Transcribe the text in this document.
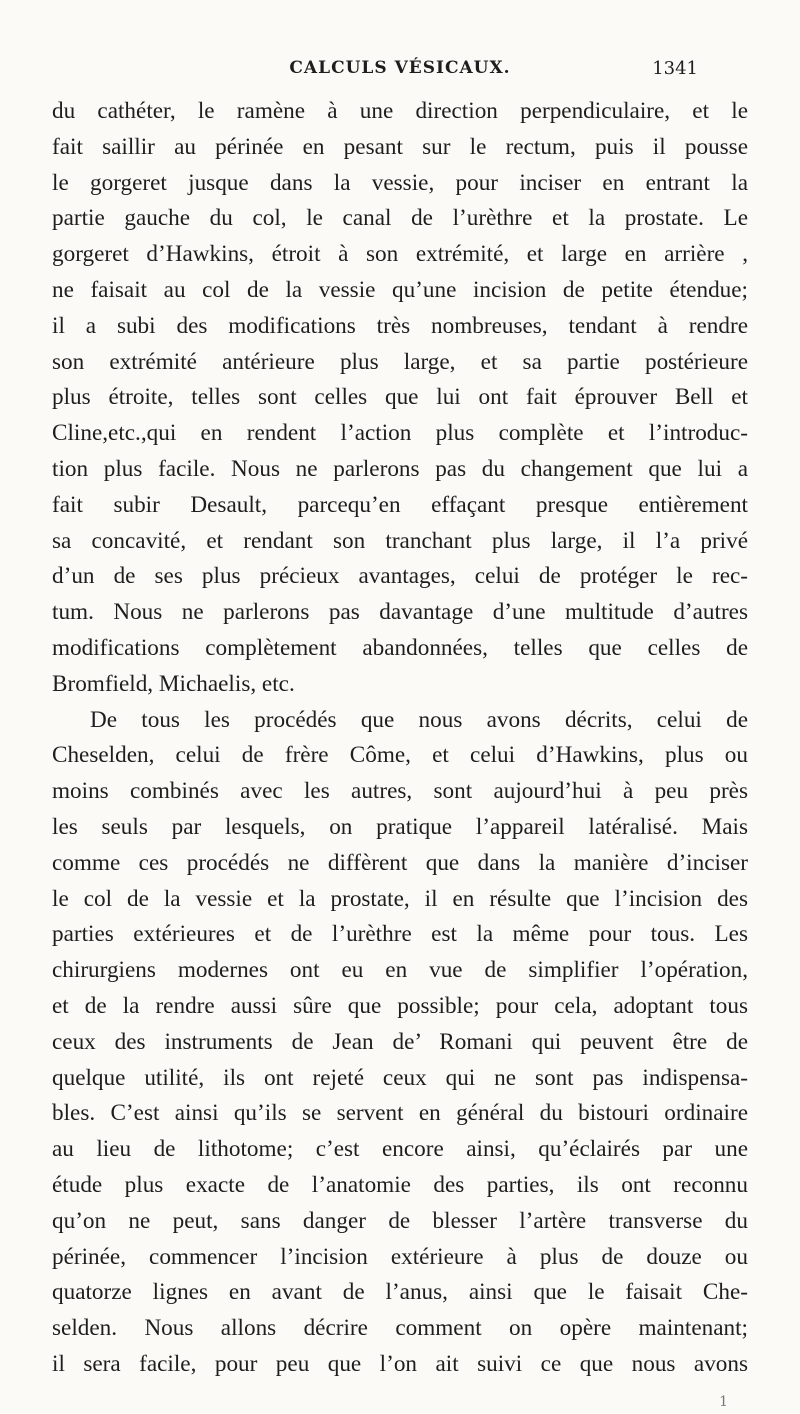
CALCULS VÉSICAUX.	1341
du cathéter, le ramène à une direction perpendiculaire, et le
fait saillir au périnée en pesant sur le rectum, puis il pousse
le gorgeret jusque dans la vessie, pour inciser en entrant la
partie gauche du col, le canal de l’urèthre et la prostate. Le
gorgeret d’Hawkins, étroit à son extrémité, et large en arrière ,
ne faisait au col de la vessie qu’une incision de petite étendue;
il a subi des modifications très nombreuses, tendant à rendre
son extrémité antérieure plus large, et sa partie postérieure
plus étroite, telles sont celles que lui ont fait éprouver Bell et
Cline,etc.,qui en rendent l’action plus complète et l’introduc-
tion plus facile. Nous ne parlerons pas du changement que lui a
fait subir Desault, parcequ’en effaçant presque entièrement
sa concavité, et rendant son tranchant plus large, il l’a privé
d’un de ses plus précieux avantages, celui de protéger le rec-
tum. Nous ne parlerons pas davantage d’une multitude d’autres
modifications complètement abandonnées, telles que celles de
Bromfield, Michaelis, etc.
De tous les procédés que nous avons décrits, celui de
Cheselden, celui de frère Côme, et celui d’Hawkins, plus ou
moins combinés avec les autres, sont aujourd’hui à peu près
les seuls par lesquels, on pratique l’appareil latéralisé. Mais
comme ces procédés ne diffèrent que dans la manière d’inciser
le col de la vessie et la prostate, il en résulte que l’incision des
parties extérieures et de l’urèthre est la même pour tous. Les
chirurgiens modernes ont eu en vue de simplifier l’opération,
et de la rendre aussi sûre que possible; pour cela, adoptant tous
ceux des instruments de Jean de’ Romani qui peuvent être de
quelque utilité, ils ont rejeté ceux qui ne sont pas indispensa-
bles. C’est ainsi qu’ils se servent en général du bistouri ordinaire
au lieu de lithotome; c’est encore ainsi, qu’éclairés par une
étude plus exacte de l’anatomie des parties, ils ont reconnu
qu’on ne peut, sans danger de blesser l’artère transverse du
périnée, commencer l’incision extérieure à plus de douze ou
quatorze lignes en avant de l’anus, ainsi que le faisait Che-
selden. Nous allons décrire comment on opère maintenant;
il sera facile, pour peu que l’on ait suivi ce que nous avons
1
